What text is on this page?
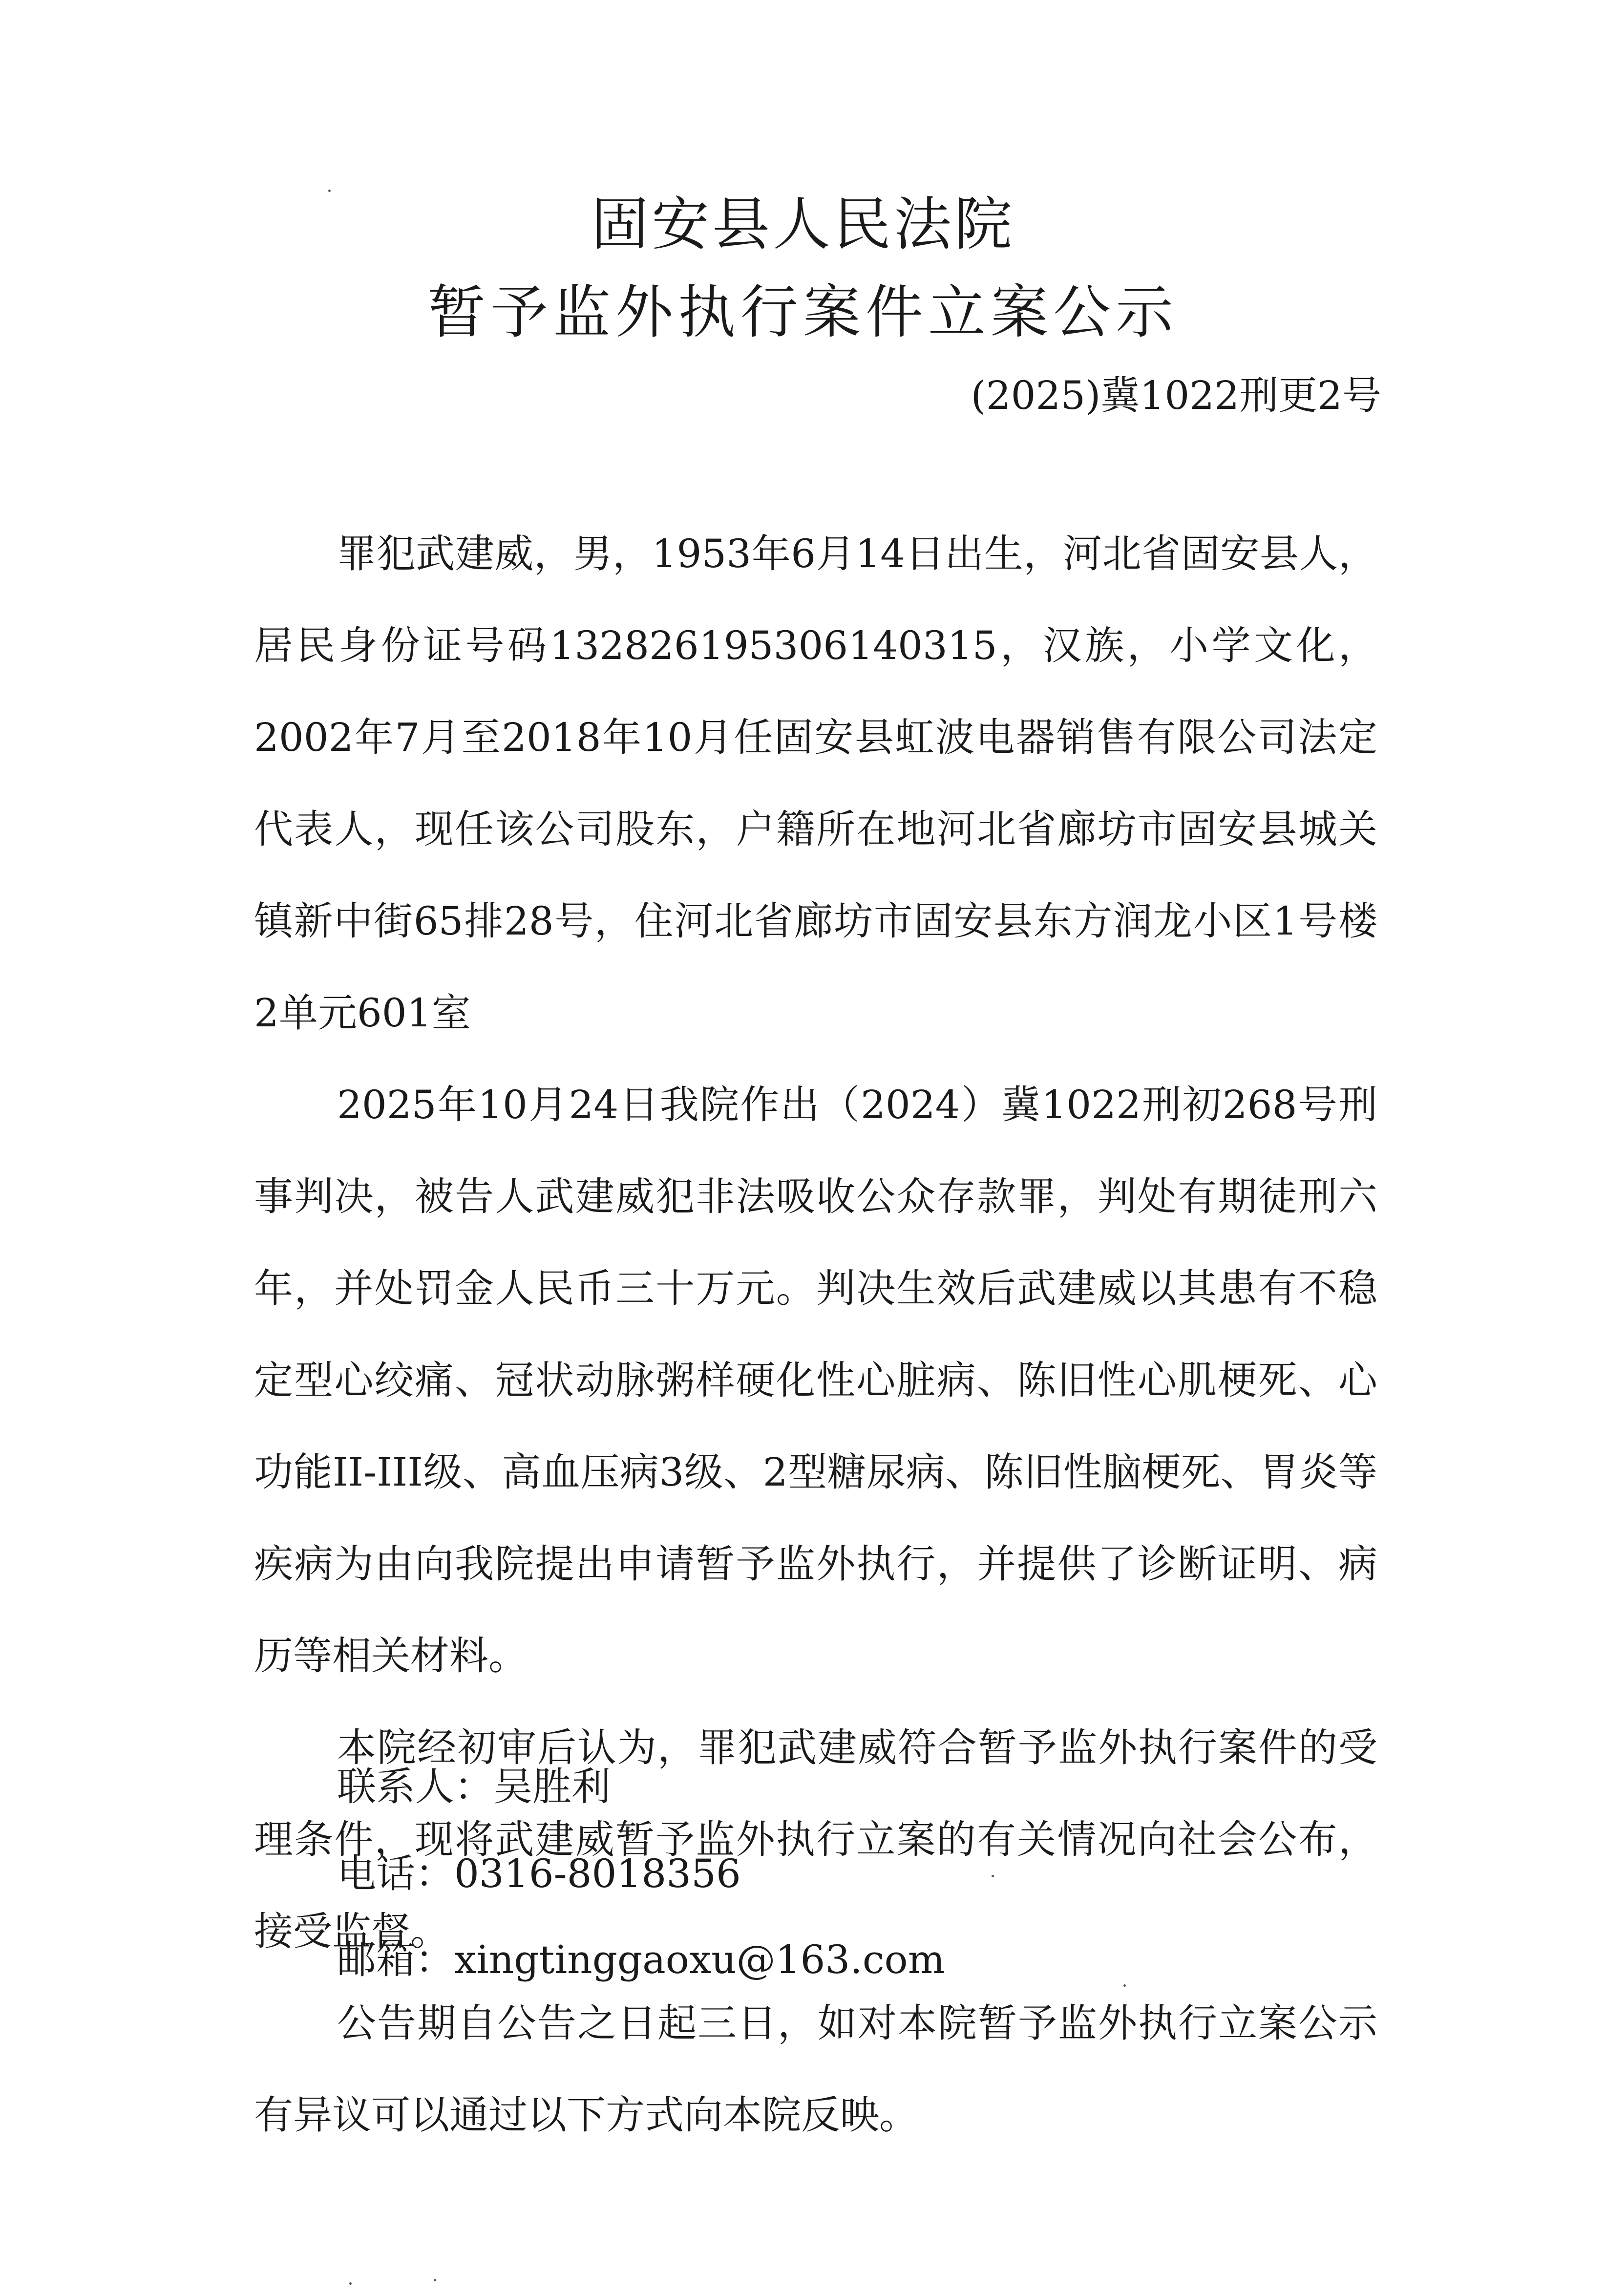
固安县人民法院
暂予监外执行案件立案公示
(2025)冀1022刑更2号

罪犯武建威，男，1953年6月14日出生，河北省固安县人，居民身份证号码132826195306140315，汉族，小学文化，2002年7月至2018年10月任固安县虹波电器销售有限公司法定代表人，现任该公司股东，户籍所在地河北省廊坊市固安县城关镇新中街65排28号，住河北省廊坊市固安县东方润龙小区1号楼2单元601室

2025年10月24日我院作出（2024）冀1022刑初268号刑事判决，被告人武建威犯非法吸收公众存款罪，判处有期徒刑六年，并处罚金人民币三十万元。判决生效后武建威以其患有不稳定型心绞痛、冠状动脉粥样硬化性心脏病、陈旧性心肌梗死、心功能II-III级、高血压病3级、2型糖尿病、陈旧性脑梗死、胃炎等疾病为由向我院提出申请暂予监外执行，并提供了诊断证明、病历等相关材料。

本院经初审后认为，罪犯武建威符合暂予监外执行案件的受理条件，现将武建威暂予监外执行立案的有关情况向社会公布，接受监督。

公告期自公告之日起三日，如对本院暂予监外执行立案公示有异议可以通过以下方式向本院反映。

联系人：吴胜利
电话：0316-8018356
邮箱：xingtinggaoxu@163.com
